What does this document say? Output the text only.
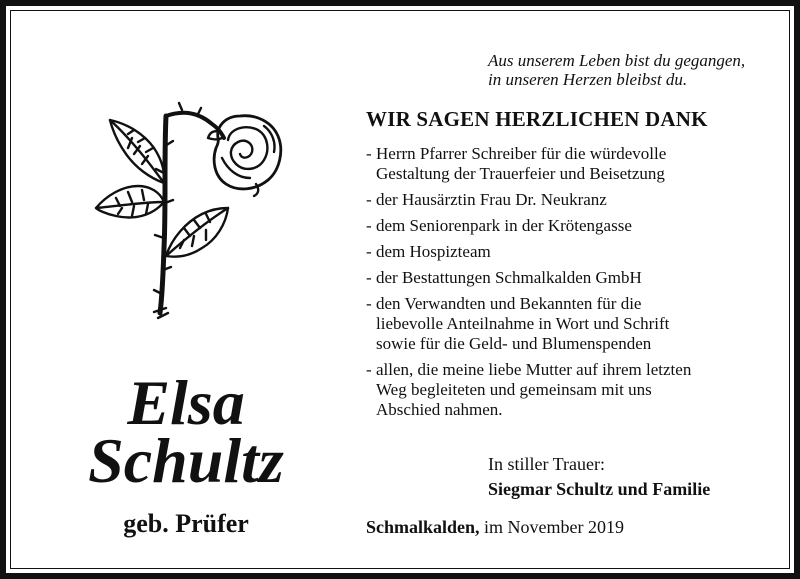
Aus unserem Leben bist du gegangen,
in unseren Herzen bleibst du.
WIR SAGEN HERZLICHEN DANK
- Herrn Pfarrer Schreiber für die würdevolle
Gestaltung der Trauerfeier und Beisetzung
- der Hausärztin Frau Dr. Neukranz
- dem Seniorenpark in der Krötengasse
- dem Hospizteam
- der Bestattungen Schmalkalden GmbH
- den Verwandten und Bekannten für die
liebevolle Anteilnahme in Wort und Schrift
sowie für die Geld- und Blumenspenden
- allen, die meine liebe Mutter auf ihrem letzten
Weg begleiteten und gemeinsam mit uns
Abschied nahmen.
Elsa
Schultz
geb. Prüfer
In stiller Trauer:
Siegmar Schultz und Familie
Schmalkalden, im November 2019
